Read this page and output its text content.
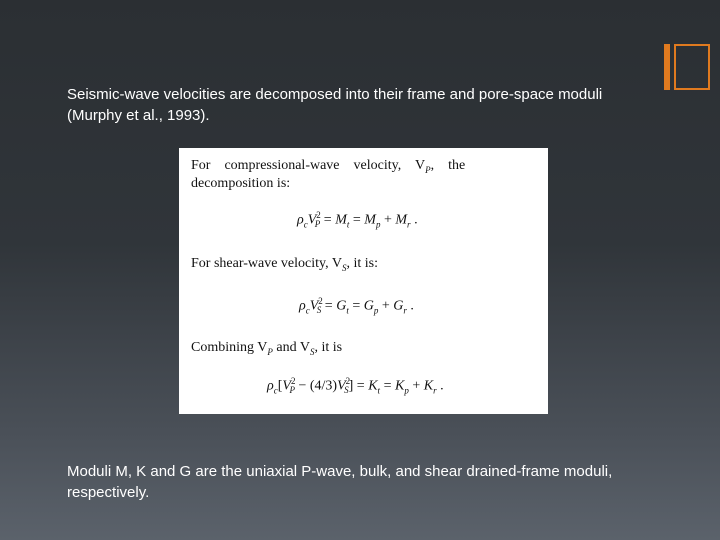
Seismic-wave velocities are decomposed into their frame and pore-space moduli (Murphy et al., 1993).

For    compressional-wave    velocity,    $V_P$,    the
decomposition is:
$\rho_cV^2_P = M_t = M_p + M_r$ .
For shear-wave velocity, $V_S$, it is:
$\rho_cV^2_S = G_t = G_p + G_r$ .
Combining $V_P$ and $V_S$, it is
$\rho_c[V^2_P - (4/3)V^2_S] = K_t = K_p + K_r$ .

Moduli M, K and G are the uniaxial P-wave, bulk, and shear drained-frame moduli, respectively.
